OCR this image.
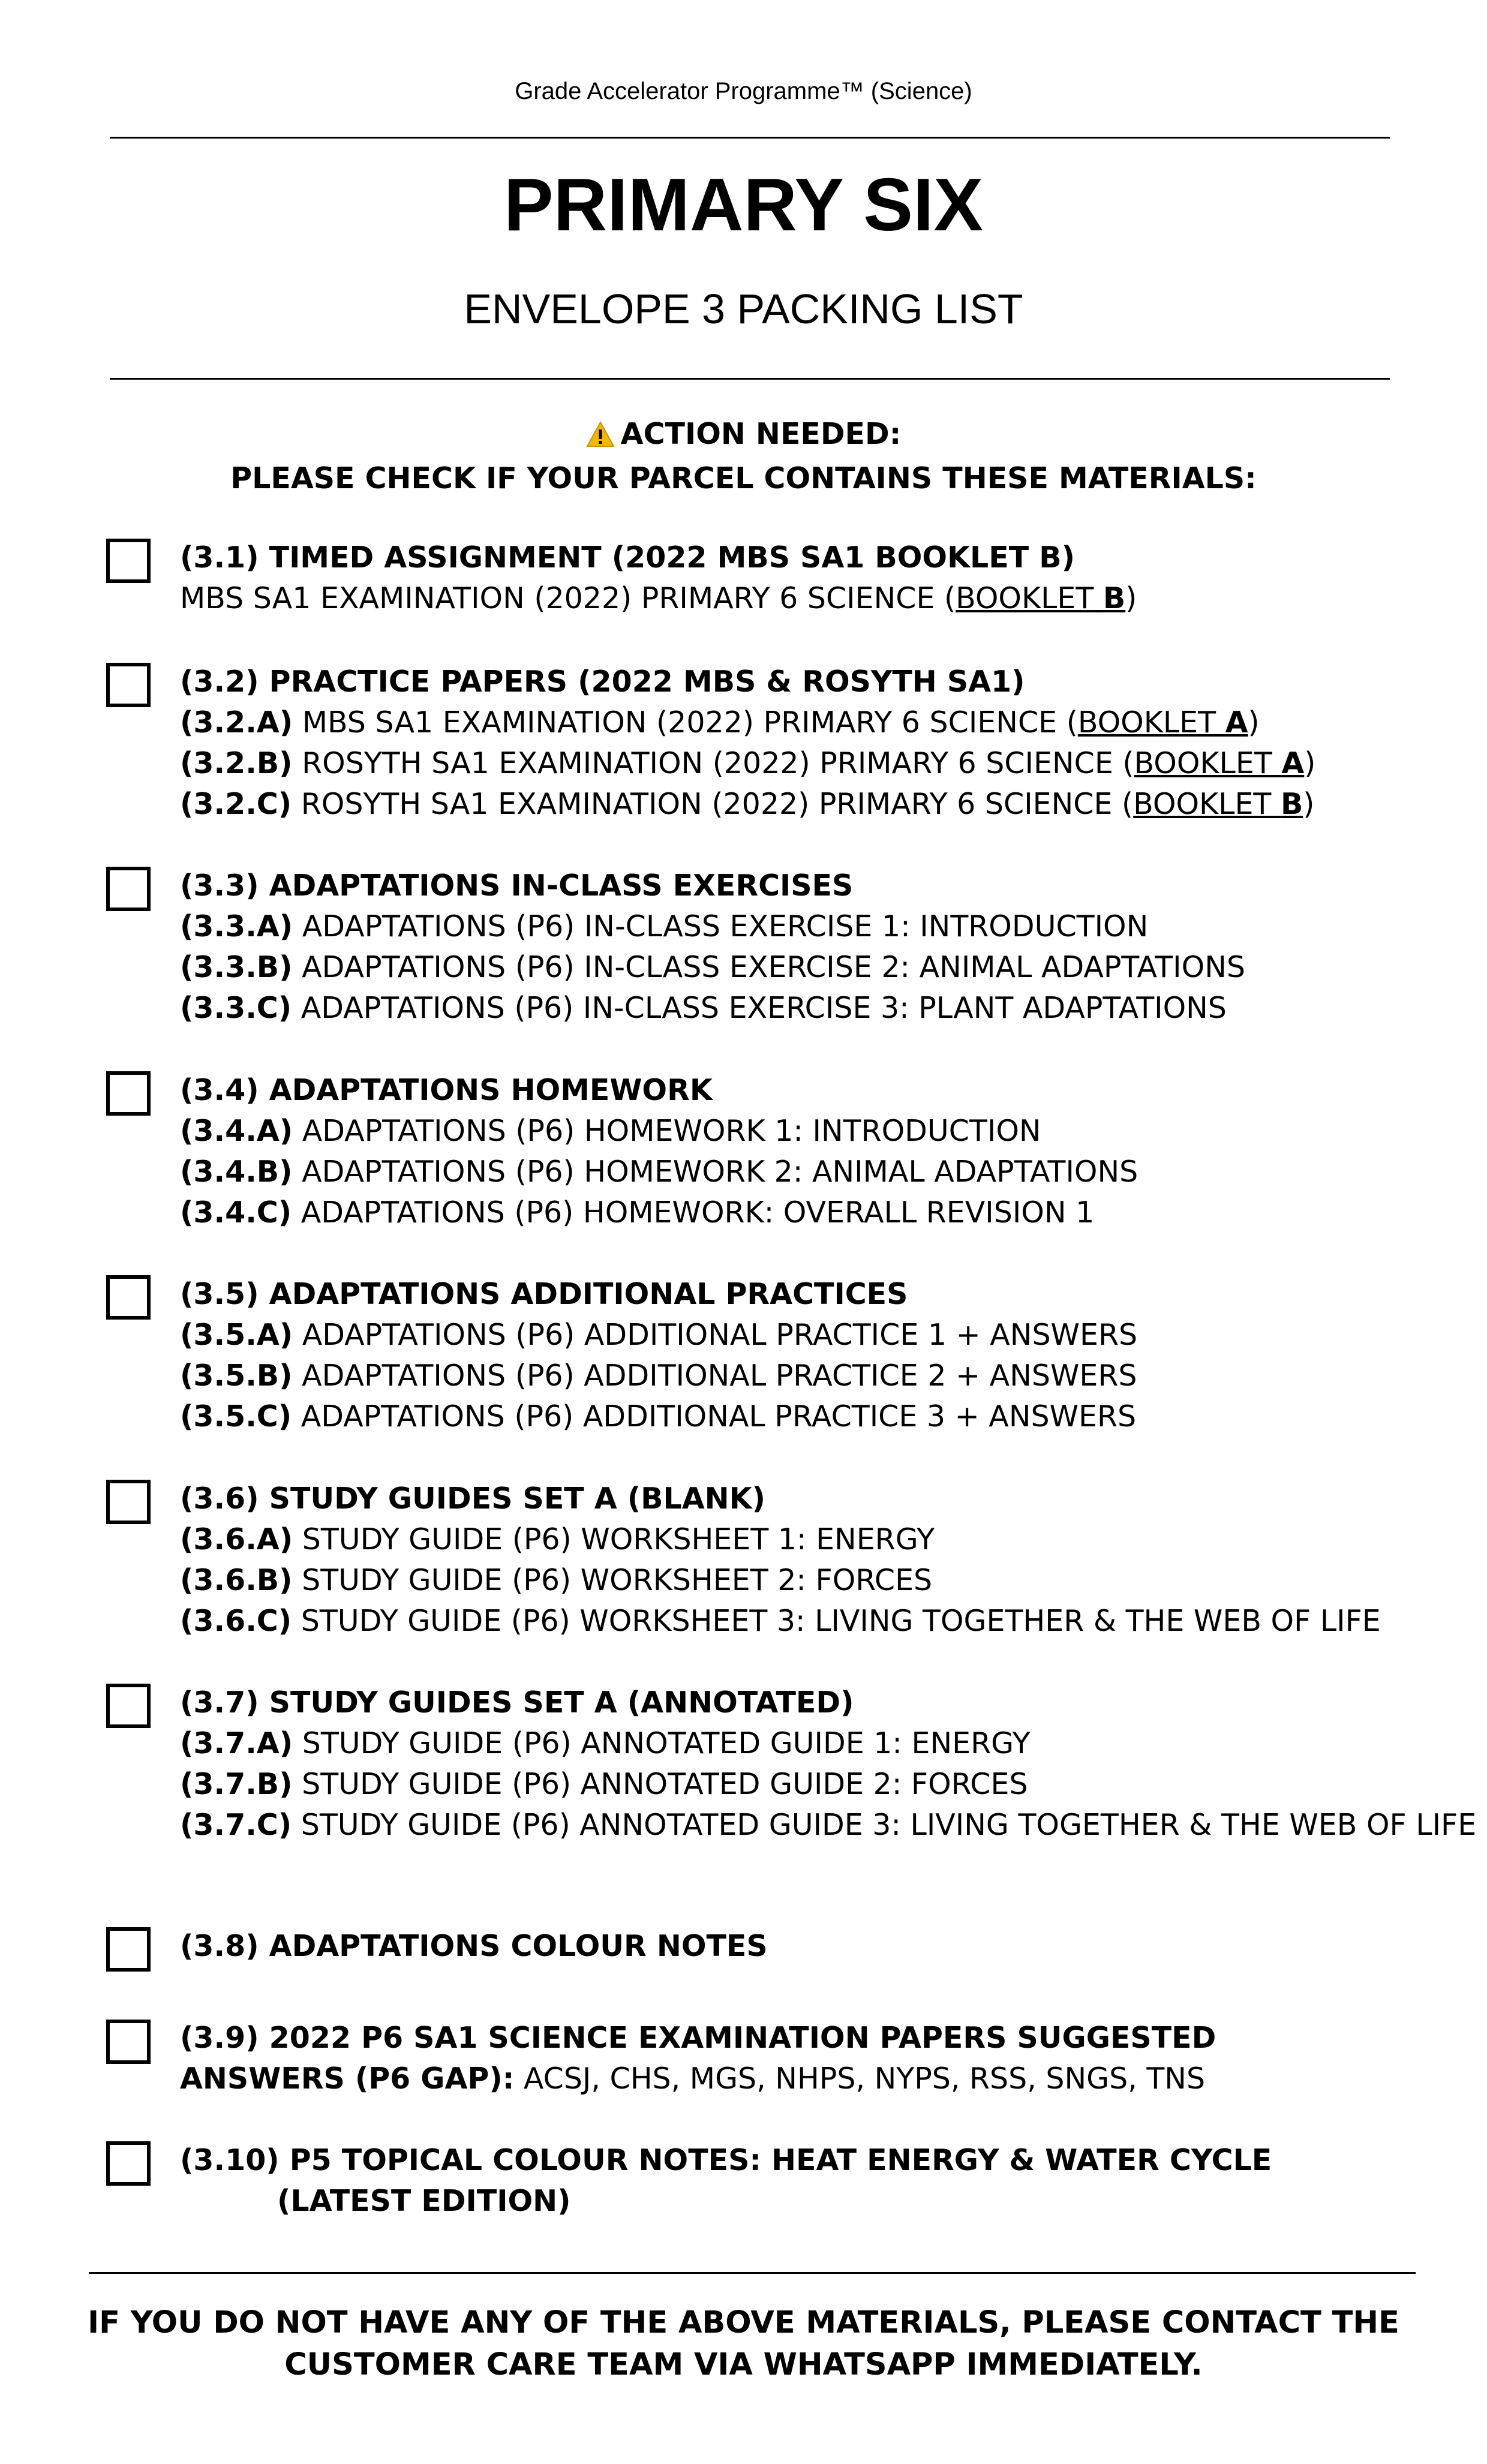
Grade Accelerator Programme™ (Science)
PRIMARY SIX
ENVELOPE 3 PACKING LIST
ACTION NEEDED:
PLEASE CHECK IF YOUR PARCEL CONTAINS THESE MATERIALS:
(3.1) TIMED ASSIGNMENT (2022 MBS SA1 BOOKLET B)
MBS SA1 EXAMINATION (2022) PRIMARY 6 SCIENCE (BOOKLET B)
(3.2) PRACTICE PAPERS (2022 MBS & ROSYTH SA1)
(3.2.A) MBS SA1 EXAMINATION (2022) PRIMARY 6 SCIENCE (BOOKLET A)
(3.2.B) ROSYTH SA1 EXAMINATION (2022) PRIMARY 6 SCIENCE (BOOKLET A)
(3.2.C) ROSYTH SA1 EXAMINATION (2022) PRIMARY 6 SCIENCE (BOOKLET B)
(3.3) ADAPTATIONS IN-CLASS EXERCISES
(3.3.A) ADAPTATIONS (P6) IN-CLASS EXERCISE 1: INTRODUCTION
(3.3.B) ADAPTATIONS (P6) IN-CLASS EXERCISE 2: ANIMAL ADAPTATIONS
(3.3.C) ADAPTATIONS (P6) IN-CLASS EXERCISE 3: PLANT ADAPTATIONS
(3.4) ADAPTATIONS HOMEWORK
(3.4.A) ADAPTATIONS (P6) HOMEWORK 1: INTRODUCTION
(3.4.B) ADAPTATIONS (P6) HOMEWORK 2: ANIMAL ADAPTATIONS
(3.4.C) ADAPTATIONS (P6) HOMEWORK: OVERALL REVISION 1
(3.5) ADAPTATIONS ADDITIONAL PRACTICES
(3.5.A) ADAPTATIONS (P6) ADDITIONAL PRACTICE 1 + ANSWERS
(3.5.B) ADAPTATIONS (P6) ADDITIONAL PRACTICE 2 + ANSWERS
(3.5.C) ADAPTATIONS (P6) ADDITIONAL PRACTICE 3 + ANSWERS
(3.6) STUDY GUIDES SET A (BLANK)
(3.6.A) STUDY GUIDE (P6) WORKSHEET 1: ENERGY
(3.6.B) STUDY GUIDE (P6) WORKSHEET 2: FORCES
(3.6.C) STUDY GUIDE (P6) WORKSHEET 3: LIVING TOGETHER & THE WEB OF LIFE
(3.7) STUDY GUIDES SET A (ANNOTATED)
(3.7.A) STUDY GUIDE (P6) ANNOTATED GUIDE 1: ENERGY
(3.7.B) STUDY GUIDE (P6) ANNOTATED GUIDE 2: FORCES
(3.7.C) STUDY GUIDE (P6) ANNOTATED GUIDE 3: LIVING TOGETHER & THE WEB OF LIFE
(3.8) ADAPTATIONS COLOUR NOTES
(3.9) 2022 P6 SA1 SCIENCE EXAMINATION PAPERS SUGGESTED ANSWERS (P6 GAP): ACSJ, CHS, MGS, NHPS, NYPS, RSS, SNGS, TNS
(3.10) P5 TOPICAL COLOUR NOTES: HEAT ENERGY & WATER CYCLE (LATEST EDITION)
IF YOU DO NOT HAVE ANY OF THE ABOVE MATERIALS, PLEASE CONTACT THE
CUSTOMER CARE TEAM VIA WHATSAPP IMMEDIATELY.
